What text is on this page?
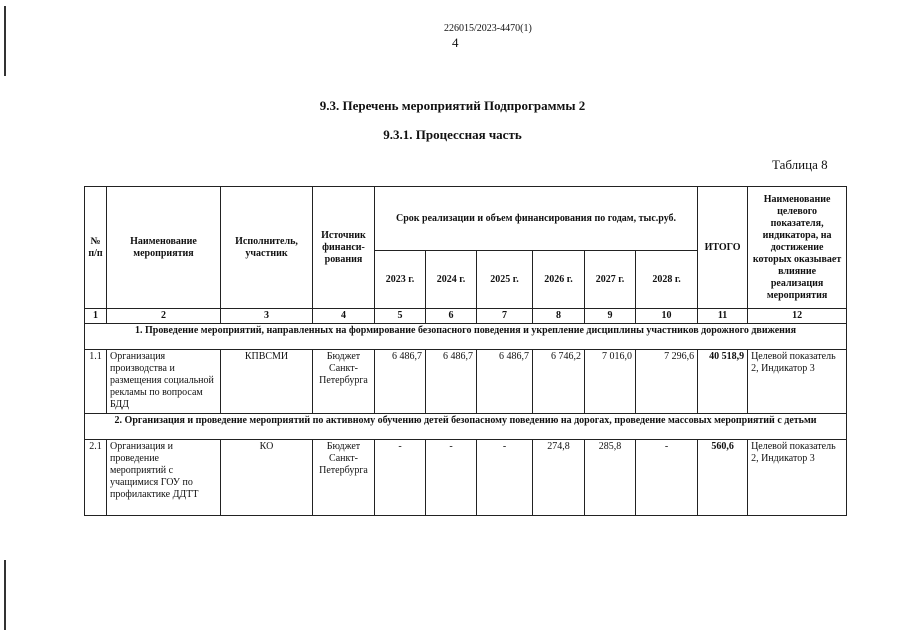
226015/2023-4470(1)
4
9.3. Перечень мероприятий Подпрограммы 2
9.3.1. Процессная часть
Таблица 8
№ п/п	Наименование мероприятия	Исполнитель, участник	Источник финанси-рования	Срок реализации и объем финансирования по годам, тыс.руб.						ИТОГО	Наименование целевого показателя, индикатора, на достижение которых оказывает влияние реализация мероприятия
				2023 г.	2024 г.	2025 г.	2026 г.	2027 г.	2028 г.		
1	2	3	4	5	6	7	8	9	10	11	12
1. Проведение мероприятий, направленных на формирование безопасного поведения и укрепление дисциплины участников дорожного движения											
1.1	Организация производства и размещения социальной рекламы по вопросам БДД	КПВСМИ	Бюджет Санкт-Петербурга	6 486,7	6 486,7	6 486,7	6 746,2	7 016,0	7 296,6	40 518,9	Целевой показатель 2, Индикатор 3
2. Организация и проведение мероприятий по активному обучению детей безопасному поведению на дорогах, проведение массовых мероприятий с детьми											
2.1	Организация и проведение мероприятий с учащимися ГОУ по профилактике ДДТТ	КО	Бюджет Санкт-Петербурга	-	-	-	274,8	285,8	-	560,6	Целевой показатель 2, Индикатор 3
